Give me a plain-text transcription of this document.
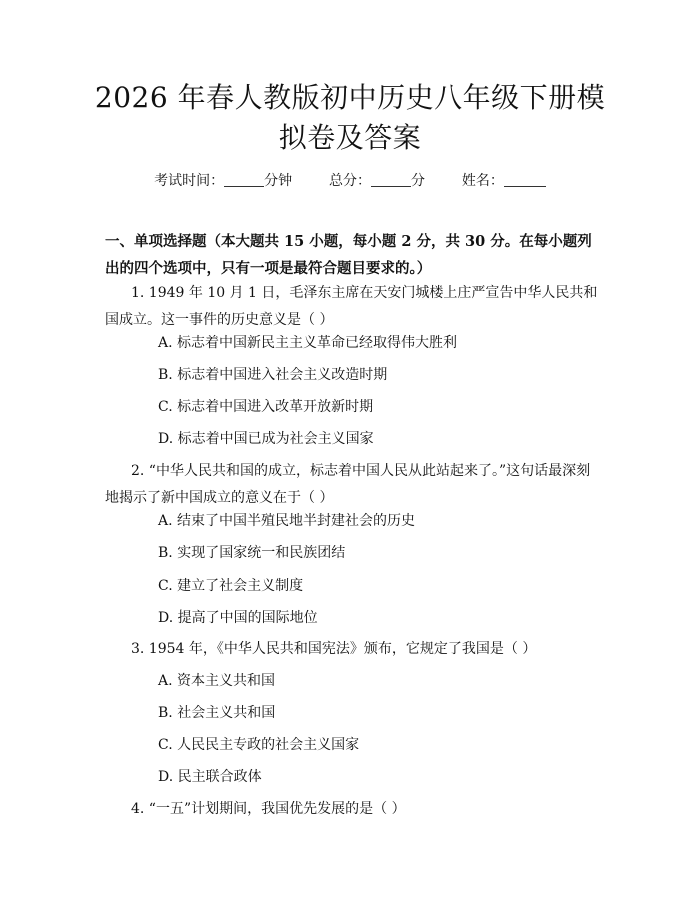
2026 年春人教版初中历史八年级下册模拟卷及答案
考试时间：	分钟	总分：	分	姓名：
一、单项选择题（本大题共 15 小题，每小题 2 分，共 30 分。在每小题列出的四个选项中，只有一项是最符合题目要求的。）
1. 1949 年 10 月 1 日，毛泽东主席在天安门城楼上庄严宣告中华人民共和国成立。这一事件的历史意义是（ ）
A. 标志着中国新民主主义革命已经取得伟大胜利
B. 标志着中国进入社会主义改造时期
C. 标志着中国进入改革开放新时期
D. 标志着中国已成为社会主义国家
2. “中华人民共和国的成立，标志着中国人民从此站起来了。”这句话最深刻地揭示了新中国成立的意义在于（ ）
A. 结束了中国半殖民地半封建社会的历史
B. 实现了国家统一和民族团结
C. 建立了社会主义制度
D. 提高了中国的国际地位
3. 1954 年，《中华人民共和国宪法》颁布，它规定了我国是（ ）
A. 资本主义共和国
B. 社会主义共和国
C. 人民民主专政的社会主义国家
D. 民主联合政体
4. “一五”计划期间，我国优先发展的是（ ）
